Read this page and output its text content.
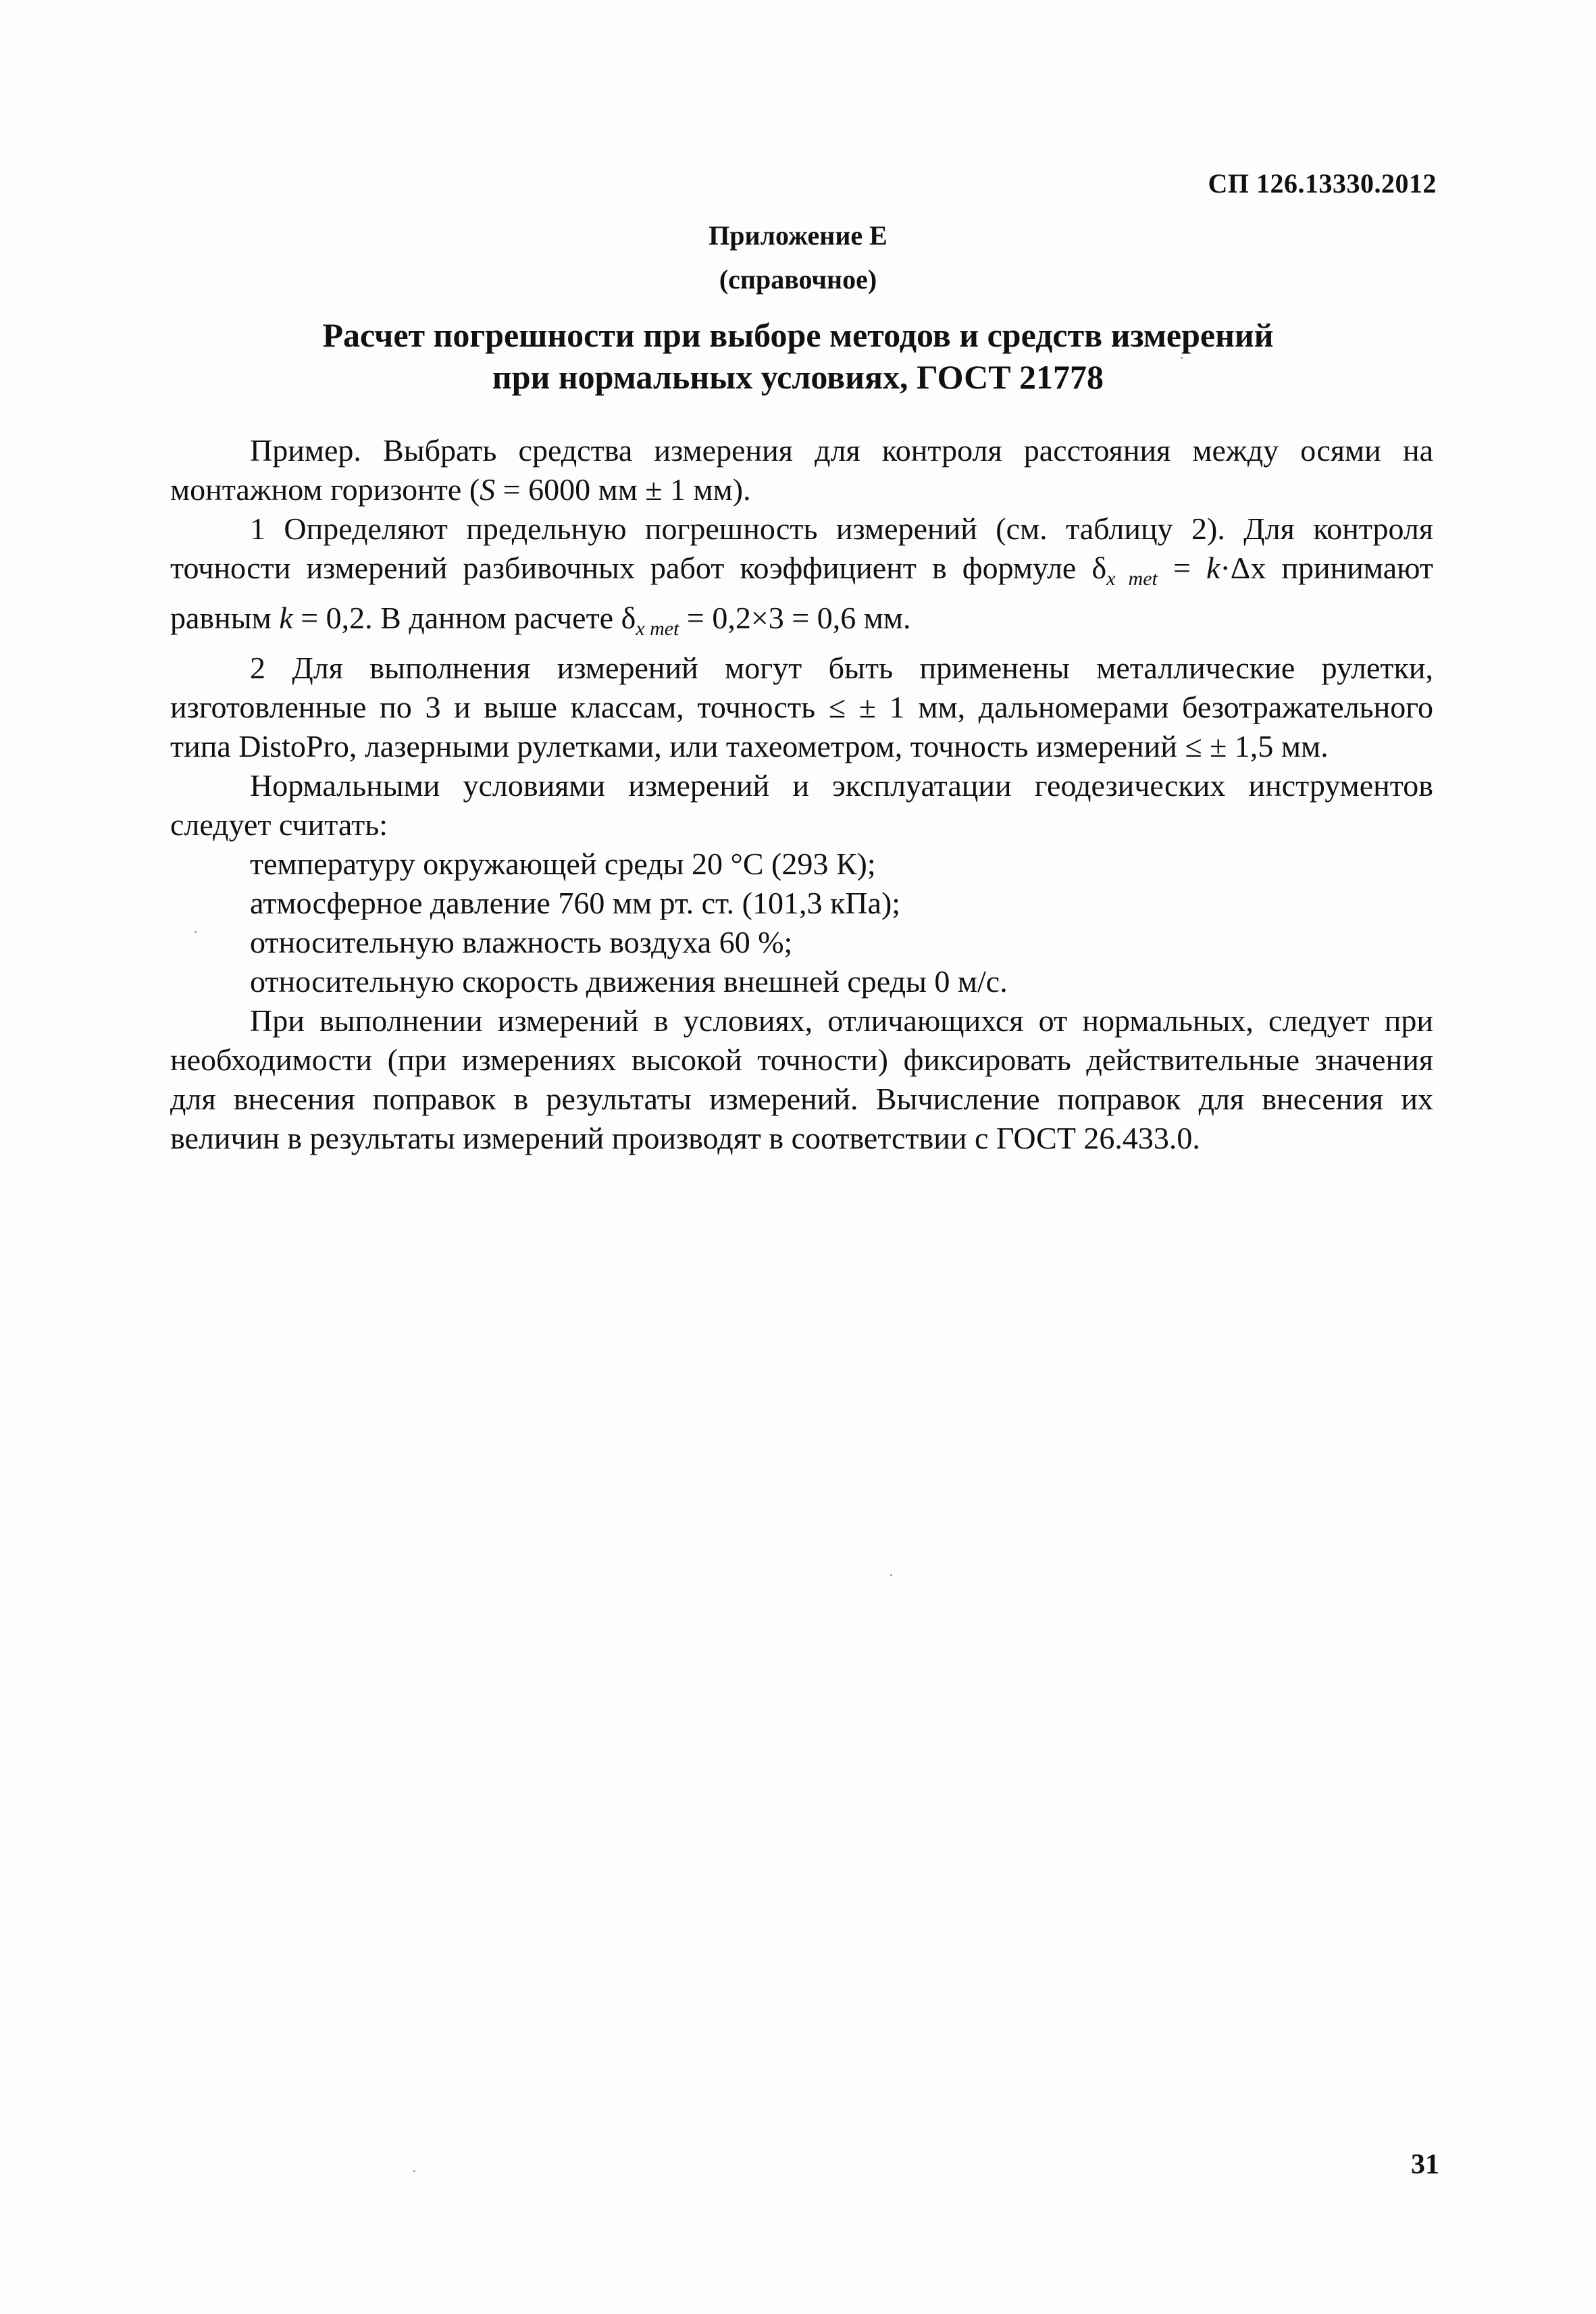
СП 126.13330.2012
Приложение Е
(справочное)
Расчет погрешности при выборе методов и средств измерений
при нормальных условиях, ГОСТ 21778

Пример. Выбрать средства измерения для контроля расстояния между осями на монтажном горизонте (S = 6000 мм ± 1 мм).

1 Определяют предельную погрешность измерений (см. таблицу 2). Для контроля точности измерений разбивочных работ коэффициент в формуле $\delta_{x met} = k\cdot\Delta x$ принимают равным k = 0,2. В данном расчете $\delta_{x met} = 0,2\times 3 = 0,6$ мм.

2 Для выполнения измерений могут быть применены металлические рулетки, изготовленные по 3 и выше классам, точность ≤ ± 1 мм, дальномерами безотражательного типа DistoPro, лазерными рулетками, или тахеометром, точность измерений ≤ ± 1,5 мм.

Нормальными условиями измерений и эксплуатации геодезических инструментов следует считать:

температуру окружающей среды 20 °С (293 К);

атмосферное давление 760 мм рт. ст. (101,3 кПа);

относительную влажность воздуха 60 %;

относительную скорость движения внешней среды 0 м/с.

При выполнении измерений в условиях, отличающихся от нормальных, следует при необходимости (при измерениях высокой точности) фиксировать действительные значения для внесения поправок в результаты измерений. Вычисление поправок для внесения их величин в результаты измерений производят в соответствии с ГОСТ 26.433.0.

31
